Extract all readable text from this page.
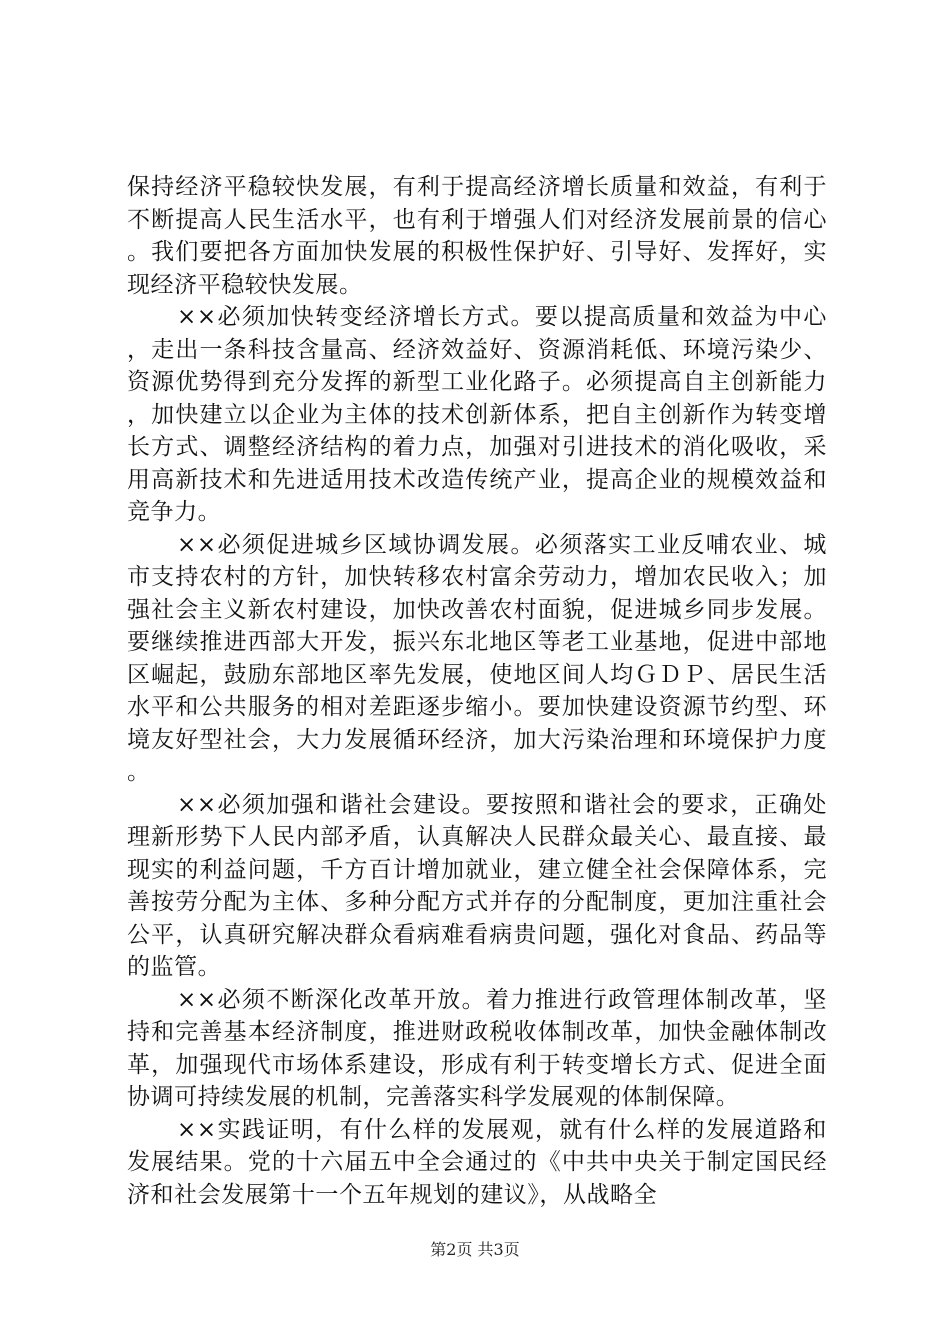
保持经济平稳较快发展，有利于提高经济增长质量和效益，有利于不断提高人民生活水平，也有利于增强人们对经济发展前景的信心。我们要把各方面加快发展的积极性保护好、引导好、发挥好，实现经济平稳较快发展。

××必须加快转变经济增长方式。要以提高质量和效益为中心，走出一条科技含量高、经济效益好、资源消耗低、环境污染少、资源优势得到充分发挥的新型工业化路子。必须提高自主创新能力，加快建立以企业为主体的技术创新体系，把自主创新作为转变增长方式、调整经济结构的着力点，加强对引进技术的消化吸收，采用高新技术和先进适用技术改造传统产业，提高企业的规模效益和竞争力。

××必须促进城乡区域协调发展。必须落实工业反哺农业、城市支持农村的方针，加快转移农村富余劳动力，增加农民收入；加强社会主义新农村建设，加快改善农村面貌，促进城乡同步发展。要继续推进西部大开发，振兴东北地区等老工业基地，促进中部地区崛起，鼓励东部地区率先发展，使地区间人均ＧＤＰ、居民生活水平和公共服务的相对差距逐步缩小。要加快建设资源节约型、环境友好型社会，大力发展循环经济，加大污染治理和环境保护力度。

××必须加强和谐社会建设。要按照和谐社会的要求，正确处理新形势下人民内部矛盾，认真解决人民群众最关心、最直接、最现实的利益问题，千方百计增加就业，建立健全社会保障体系，完善按劳分配为主体、多种分配方式并存的分配制度，更加注重社会公平，认真研究解决群众看病难看病贵问题，强化对食品、药品等的监管。

××必须不断深化改革开放。着力推进行政管理体制改革，坚持和完善基本经济制度，推进财政税收体制改革，加快金融体制改革，加强现代市场体系建设，形成有利于转变增长方式、促进全面协调可持续发展的机制，完善落实科学发展观的体制保障。

××实践证明，有什么样的发展观，就有什么样的发展道路和发展结果。党的十六届五中全会通过的《中共中央关于制定国民经济和社会发展第十一个五年规划的建议》，从战略全

第2页 共3页
